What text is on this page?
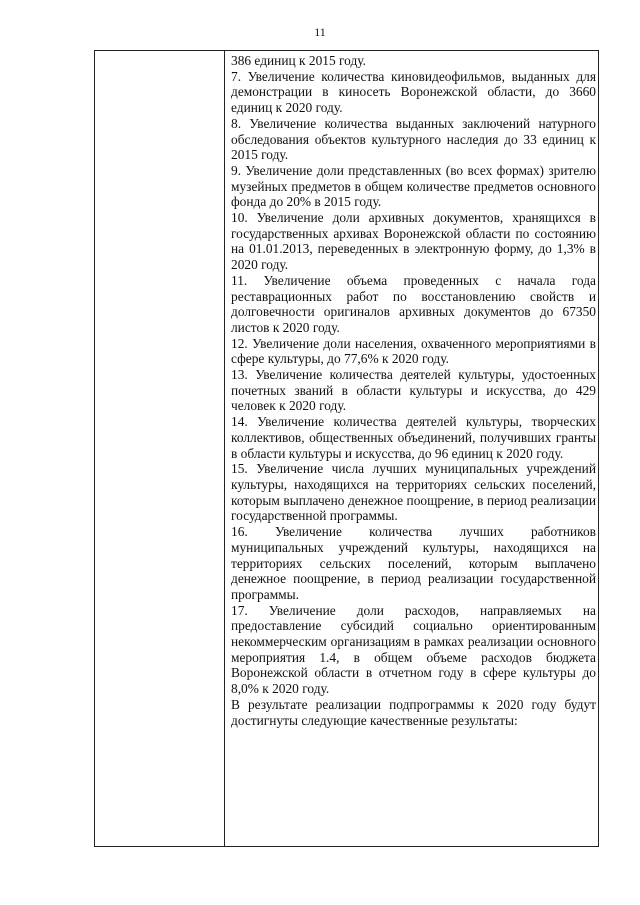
11

386 единиц к 2015 году.

7. Увеличение количества киновидеофильмов, выданных для демонстрации в киносеть Воронежской области, до 3660 единиц к 2020 году.

8. Увеличение количества выданных заключений натурного обследования объектов культурного наследия до 33 единиц к 2015 году.

9. Увеличение доли представленных (во всех формах) зрителю музейных предметов в общем количестве предметов основного фонда до 20% в 2015 году.

10. Увеличение доли архивных документов, хранящихся в государственных архивах Воронежской области по состоянию на 01.01.2013, переведенных в электронную форму, до 1,3% в 2020 году.

11. Увеличение объема проведенных с начала года реставрационных работ по восстановлению свойств и долговечности оригиналов архивных документов до 67350 листов к 2020 году.

12. Увеличение доли населения, охваченного мероприятиями в сфере культуры, до 77,6% к 2020 году.

13. Увеличение количества деятелей культуры, удостоенных почетных званий в области культуры и искусства, до 429 человек к 2020 году.

14. Увеличение количества деятелей культуры, творческих коллективов, общественных объединений, получивших гранты в области культуры и искусства, до 96 единиц к 2020 году.

15. Увеличение числа лучших муниципальных учреждений культуры, находящихся на территориях сельских поселений, которым выплачено денежное поощрение, в период реализации государственной программы.

16. Увеличение количества лучших работников муниципальных учреждений культуры, находящихся на территориях сельских поселений, которым выплачено денежное поощрение, в период реализации государственной программы.

17. Увеличение доли расходов, направляемых на предоставление субсидий социально ориентированным некоммерческим организациям в рамках реализации основного мероприятия 1.4, в общем объеме расходов бюджета Воронежской области в отчетном году в сфере культуры до 8,0% к 2020 году.

В результате реализации подпрограммы к 2020 году будут достигнуты следующие качественные результаты:
